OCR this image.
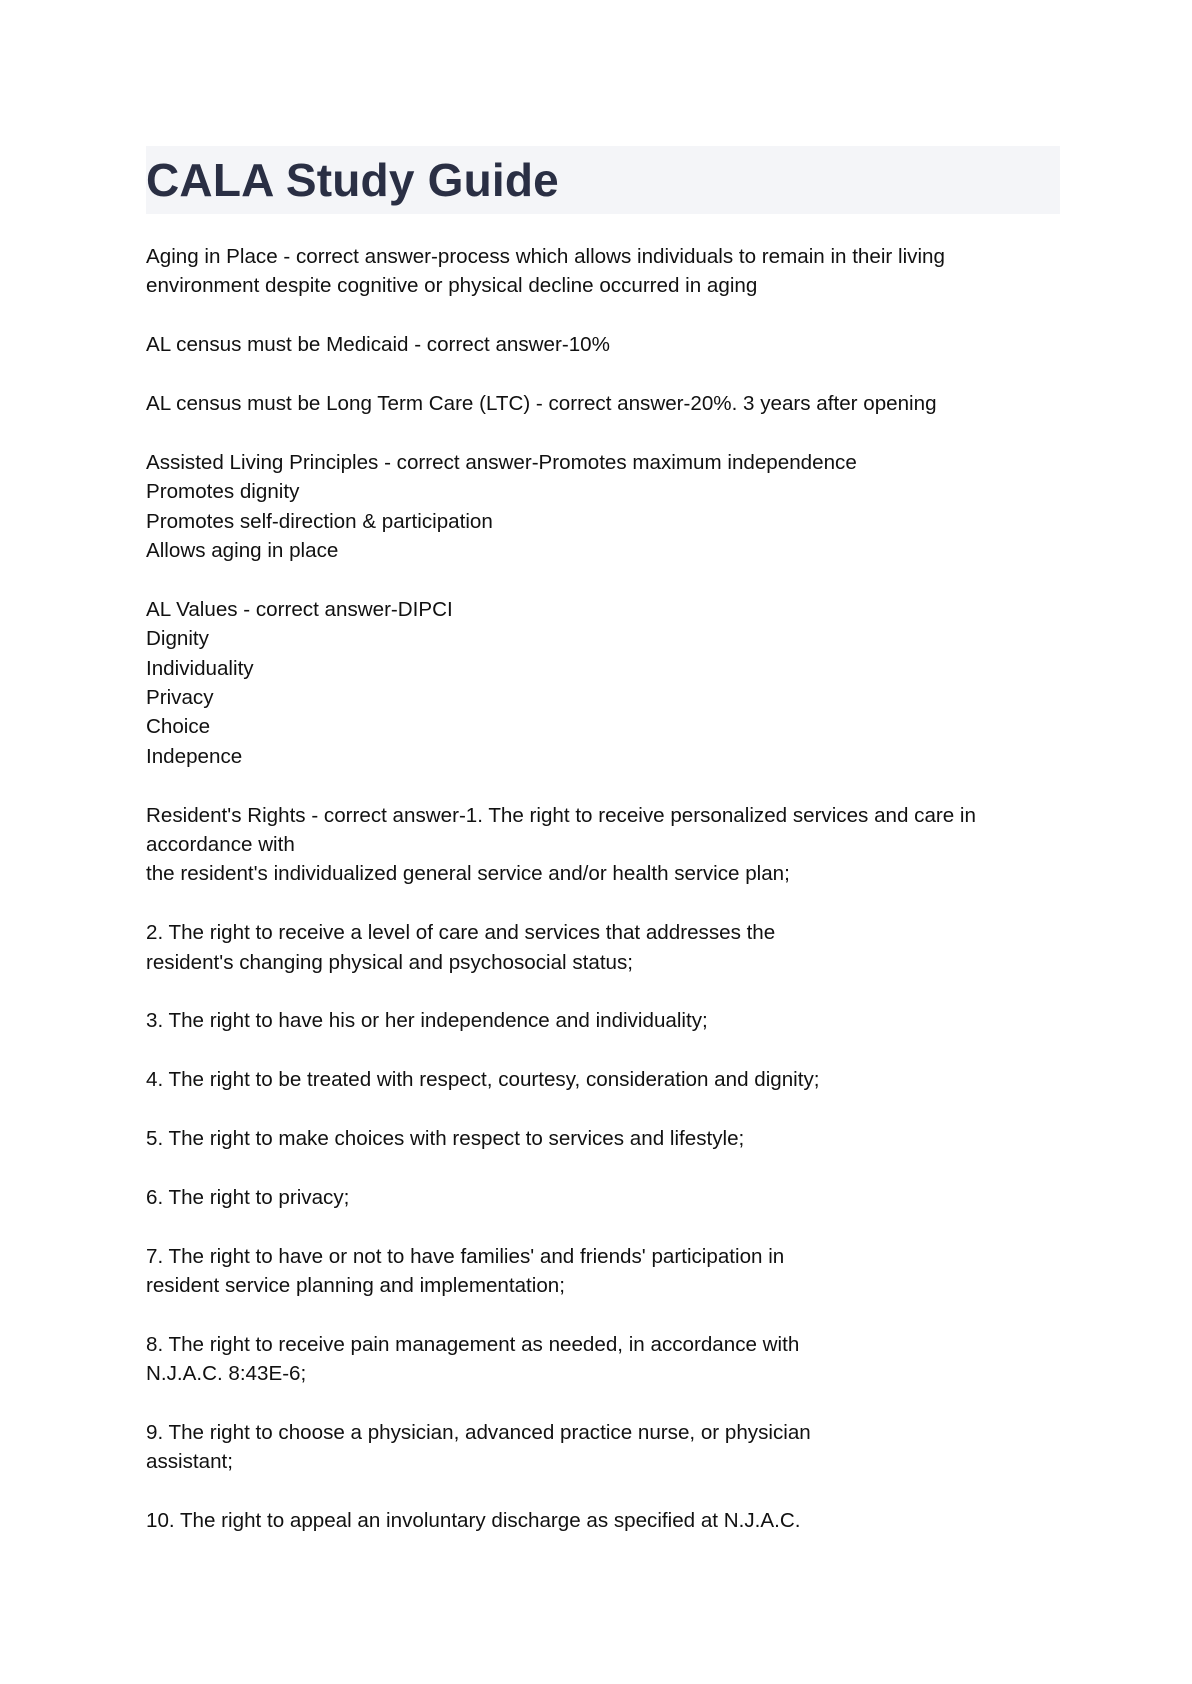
CALA Study Guide

Aging in Place - correct answer-process which allows individuals to remain in their living
environment despite cognitive or physical decline occurred in aging

AL census must be Medicaid - correct answer-10%

AL census must be Long Term Care (LTC) - correct answer-20%. 3 years after opening

Assisted Living Principles - correct answer-Promotes maximum independence
Promotes dignity
Promotes self-direction & participation
Allows aging in place

AL Values - correct answer-DIPCI
Dignity
Individuality
Privacy
Choice
Indepence

Resident's Rights - correct answer-1. The right to receive personalized services and care in
accordance with
the resident's individualized general service and/or health service plan;

2. The right to receive a level of care and services that addresses the
resident's changing physical and psychosocial status;

3. The right to have his or her independence and individuality;

4. The right to be treated with respect, courtesy, consideration and dignity;

5. The right to make choices with respect to services and lifestyle;

6. The right to privacy;

7. The right to have or not to have families' and friends' participation in
resident service planning and implementation;

8. The right to receive pain management as needed, in accordance with
N.J.A.C. 8:43E-6;

9. The right to choose a physician, advanced practice nurse, or physician
assistant;

10. The right to appeal an involuntary discharge as specified at N.J.A.C.
